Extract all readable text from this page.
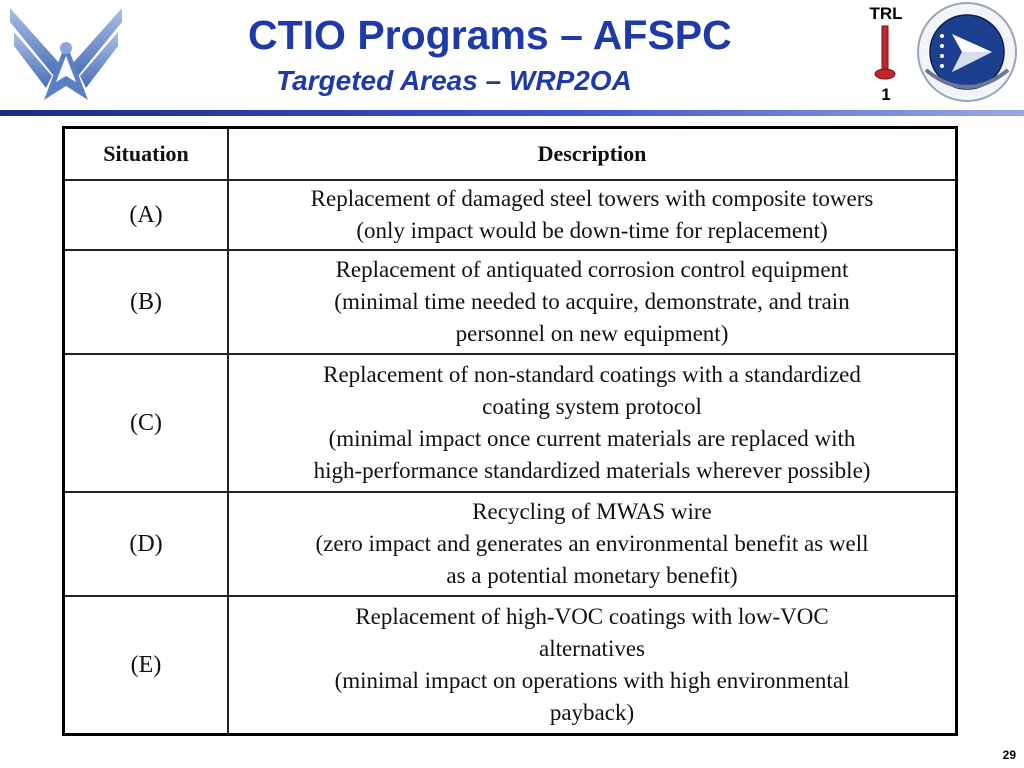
CTIO Programs – AFSPC
Targeted Areas – WRP2OA
TRL
1
Situation	Description
(A)	Replacement of damaged steel towers with composite towers
(only impact would be down-time for replacement)

(B)	Replacement of antiquated corrosion control equipment
(minimal time needed to acquire, demonstrate, and train
personnel on new equipment)

(C)	Replacement of non-standard coatings with a standardized
coating system protocol
(minimal impact once current materials are replaced with
high-performance standardized materials wherever possible)

(D)	Recycling of MWAS wire
(zero impact and generates an environmental benefit as well
as a potential monetary benefit)

(E)	Replacement of high-VOC coatings with low-VOC
alternatives
(minimal impact on operations with high environmental
payback)
29
